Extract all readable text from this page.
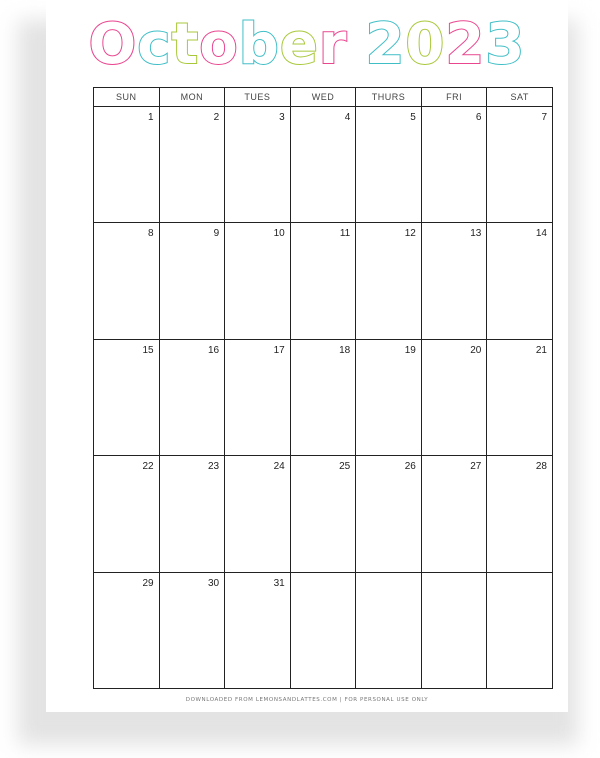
October 2023
SUN	MON	TUES	WED	THURS	FRI	SAT

1	2	3	4	5	6	7

8	9	10	11	12	13	14

15	16	17	18	19	20	21

22	23	24	25	26	27	28

29	30	31				

DOWNLOADED FROM LEMONSANDLATTES.COM | FOR PERSONAL USE ONLY
